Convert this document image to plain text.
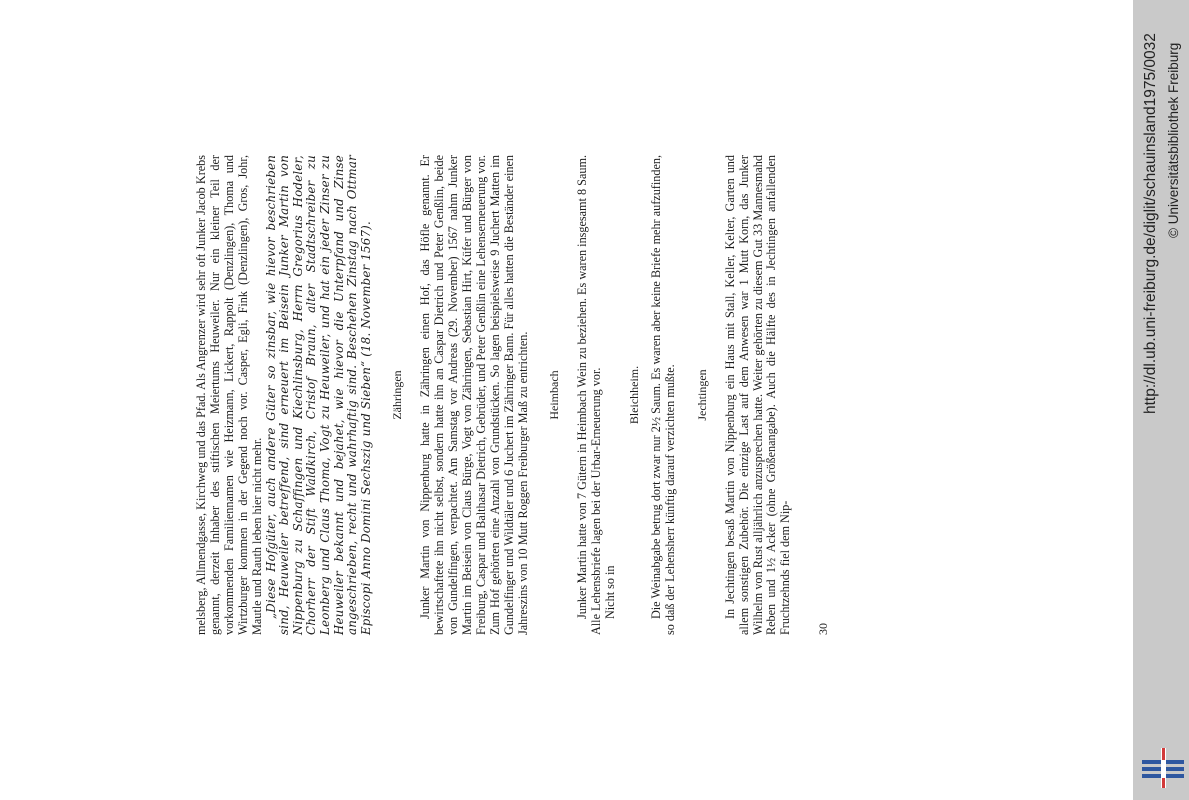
melsberg, Allmendgasse, Kirchweg und das Pfad. Als Angrenzer wird sehr oft Junker Jacob Krebs genannt, derzeit Inhaber des stiftischen Meiertums Heuweiler. Nur ein kleiner Teil der vorkommenden Familiennamen wie Heizmann, Lickert, Rappolt (Denzlingen), Thoma und Wirtzburger kommen in der Gegend noch vor. Casper, Egli, Fink (Denzlingen), Gros, Johr, Mautle und Rauth leben hier nicht mehr. „Diese Hofgüter, auch andere Güter so zinsbar, wie hievor beschrieben sind, Heuweiler betreffend, sind erneuert im Beisein Junker Martin von Nippenburg zu Schaffingen und Kiechlinsburg, Herrn Gregorius Hodeler, Chorherr der Stift Waldkirch, Cristof Braun, alter Stadtschreiber zu Leonberg und Claus Thoma, Vogt zu Heuweiler, und hat ein jeder Zinser zu Heuweiler bekannt und bejahet, wie hievor die Unterpfand und Zinse angeschrieben, recht und wahrhaftig sind. Beschehen Zinstag nach Ottmar Episcopi Anno Domini Sechszig und Sieben“ (18. November 1567). Zähringen Junker Martin von Nippenburg hatte in Zähringen einen Hof, das Höfle genannt. Er bewirtschaftete ihn nicht selbst, sondern hatte ihn an Caspar Dietrich und Peter Genßlin, beide von Gundelfingen, verpachtet. Am Samstag vor Andreas (29. November) 1567 nahm Junker Martin im Beisein von Claus Bürge, Vogt von Zähringen, Sebastian Hirt, Küfer und Bürger von Freiburg, Caspar und Balthasar Dietrich, Gebrüder, und Peter Genßlin eine Lehenserneuerung vor. Zum Hof gehörten eine Anzahl von Grundstücken. So lagen beispielsweise 9 Juchert Matten im Gundelfinger und Wildtäler und 6 Juchert im Zähringer Bann. Für alles hatten die Beständer einen Jahreszins von 10 Mutt Roggen Freiburger Maß zu entrichten. Heimbach Junker Martin hatte von 7 Gütern in Heimbach Wein zu beziehen. Es waren insgesamt 8 Saum. Alle Lehensbriefe lagen bei der Urbar-Erneuerung vor. Nicht so in

Bleichheim. Die Weinabgabe betrug dort zwar nur 2½ Saum. Es waren aber keine Briefe mehr aufzufinden, so daß der Lehensherr künftig darauf verzichten mußte. Jechtingen In Jechtingen besaß Martin von Nippenburg ein Haus mit Stall, Keller, Kelter, Garten und allem sonstigen Zubehör. Die einzige Last auf dem Anwesen war 1 Mutt Korn, das Junker Wilhelm von Rust alljährlich anzusprechen hatte. Weiter gehörten zu diesem Gut 33 Mannesmahd Reben und 1½ Acker (ohne Größenangabe). Auch die Hälfte des in Jechtingen anfallenden Fruchtzehnds fiel dem Nip- 30
http://dl.ub.uni-freiburg.de/diglit/schauinsland1975/0032 © Universitätsbibliothek Freiburg
